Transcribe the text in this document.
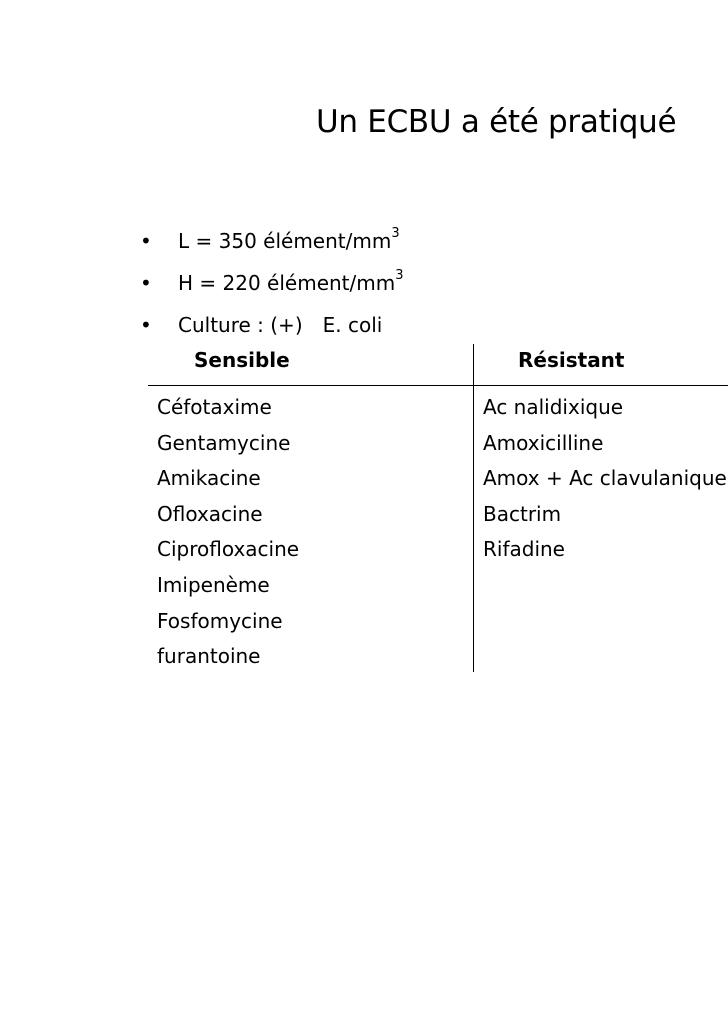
Un ECBU a été pratiqué
• L = 350 élément/$mm^3$
• H = 220 élément/$mm^3$
• Culture : (+) E. coli
Sensible	Résistant
Céfotaxime
Gentamycine
Amikacine
Ofloxacine
Ciprofloxacine
Imipenème
Fosfomycine
furantoine
Ac nalidixique
Amoxicilline
Amox + Ac clavulanique
Bactrim
Rifadine
